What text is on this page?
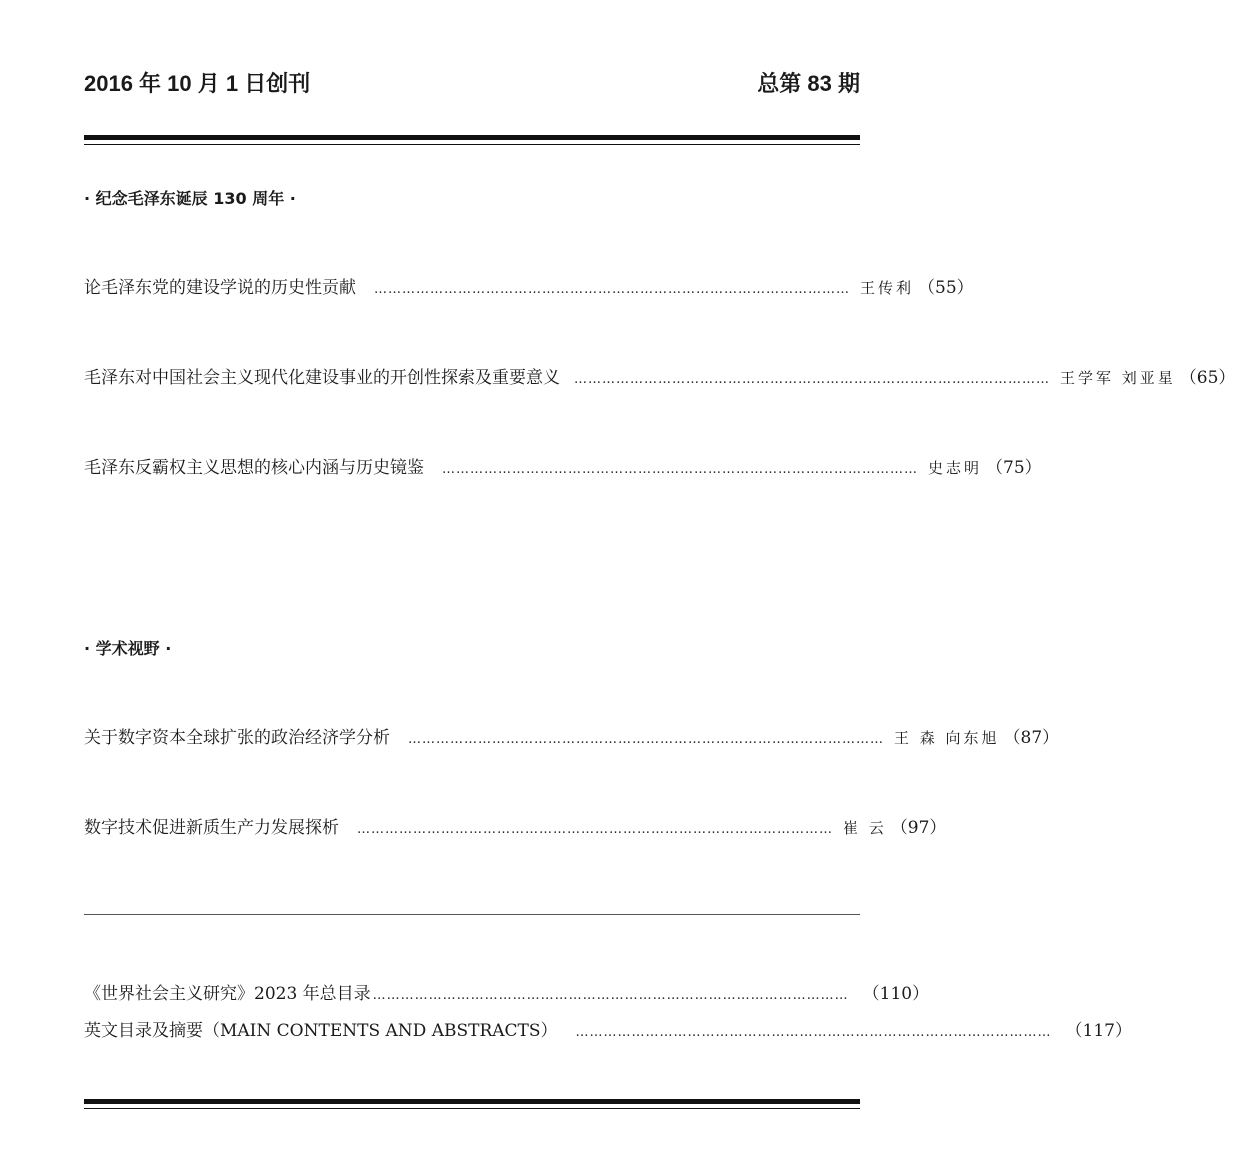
2016 年 10 月 1 日创刊	总第 83 期
· 纪念毛泽东诞辰 130 周年 ·
论毛泽东党的建设学说的历史性贡献 ………………………………………………………………………………………… 王传利 （55）
毛泽东对中国社会主义现代化建设事业的开创性探索及重要意义 ………………………………………………………………………………………… 王学军 刘亚星 （65）
毛泽东反霸权主义思想的核心内涵与历史镜鉴 ………………………………………………………………………………………… 史志明 （75）
· 学术视野 ·
关于数字资本全球扩张的政治经济学分析 ………………………………………………………………………………………… 王 森 向东旭 （87）
数字技术促进新质生产力发展探析 ………………………………………………………………………………………… 崔 云 （97）
《世界社会主义研究》2023 年总目录 ………………………………………………………………………………………… （110）
英文目录及摘要（MAIN CONTENTS AND ABSTRACTS） ………………………………………………………………………………………… （117）
